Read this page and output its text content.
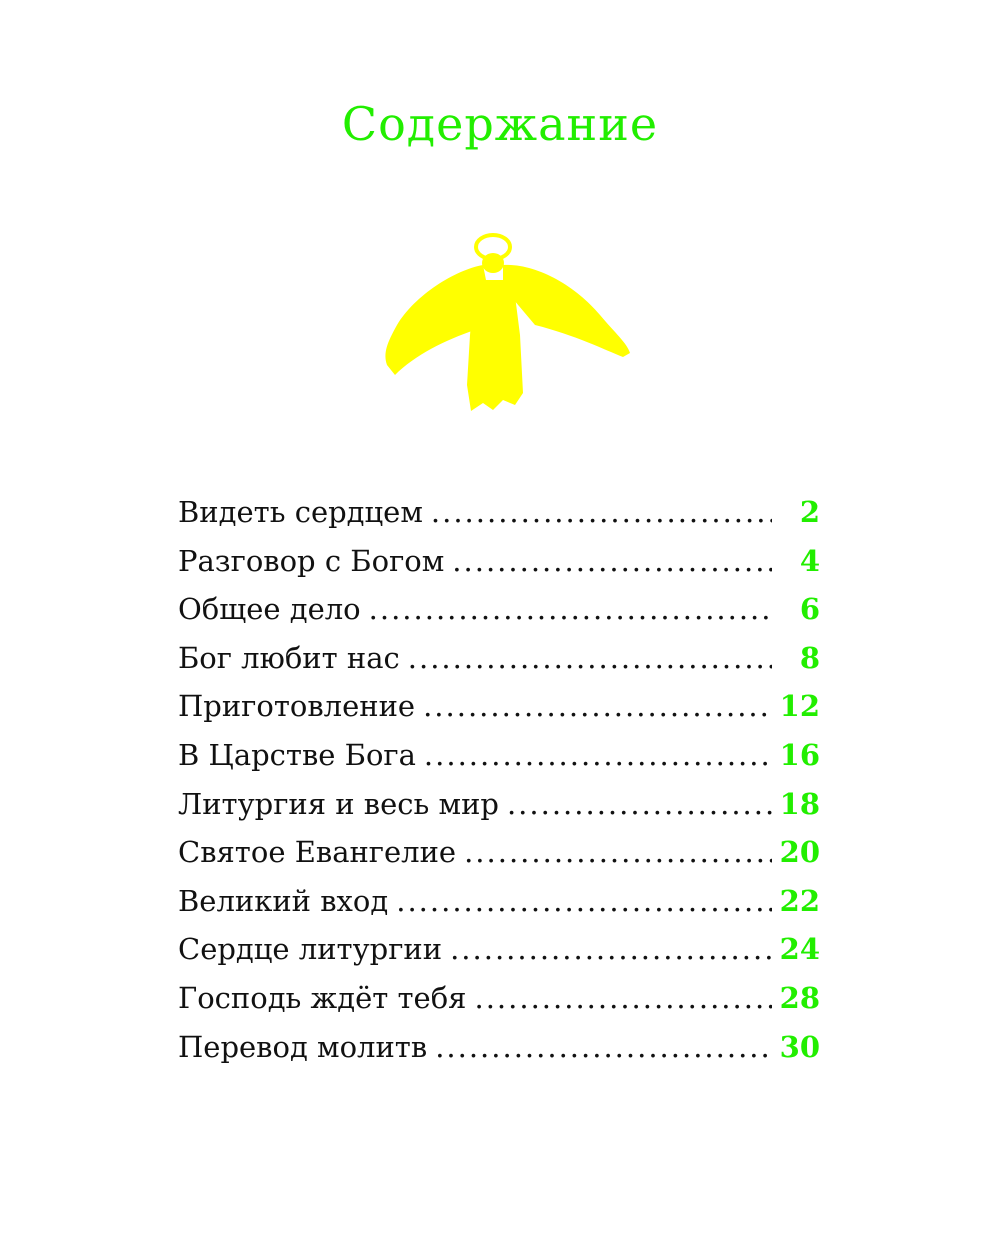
Содержание
Видеть сердцем .....	2
Разговор с Богом .....	4
Общее дело .....	6
Бог любит нас .....	8
Приготовление .....	12
В Царстве Бога .....	16
Литургия и весь мир .....	18
Святое Евангелие .....	20
Великий вход .....	22
Сердце литургии .....	24
Господь ждёт тебя .....	28
Перевод молитв .....	30
